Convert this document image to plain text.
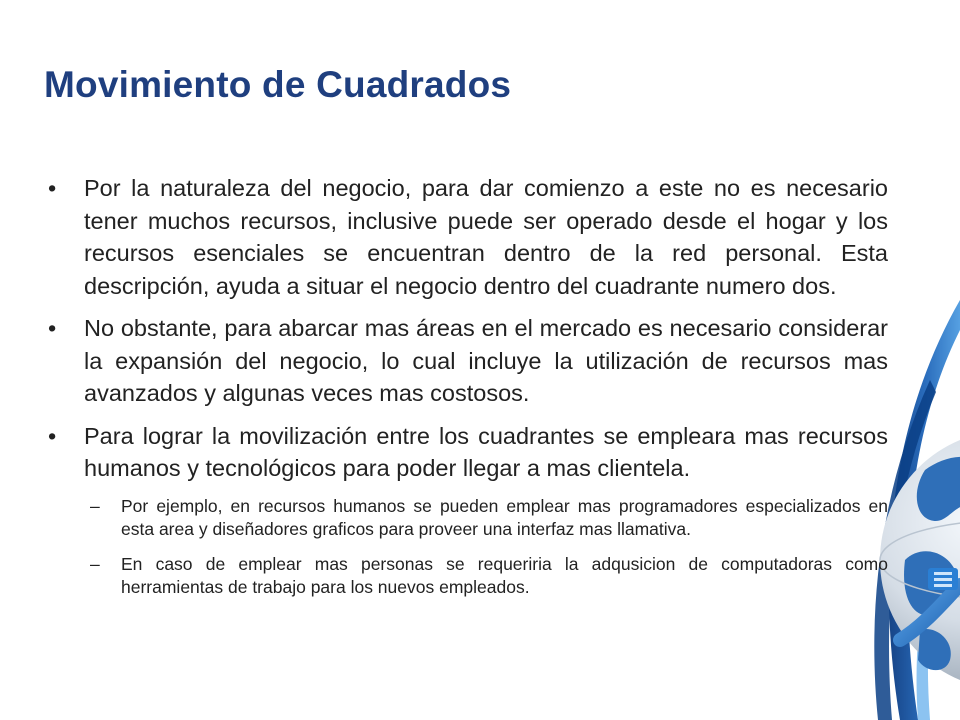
Movimiento de Cuadrados
• Por la naturaleza del negocio, para dar comienzo a este no es necesario tener muchos recursos, inclusive puede ser operado desde el hogar y los recursos esenciales se encuentran dentro de la red personal. Esta descripción, ayuda a situar el negocio dentro del cuadrante numero dos.
• No obstante, para abarcar mas áreas en el mercado es necesario considerar la expansión del negocio, lo cual incluye la utilización de recursos mas avanzados y algunas veces mas costosos.
• Para lograr la movilización entre los cuadrantes se empleara mas recursos humanos y tecnológicos para poder llegar a mas clientela.
– Por ejemplo, en recursos humanos se pueden emplear mas programadores especializados en esta area y diseñadores graficos para proveer una interfaz mas llamativa.
– En caso de emplear mas personas se requeriria la adqusicion de computadoras como herramientas de trabajo para los nuevos empleados.
